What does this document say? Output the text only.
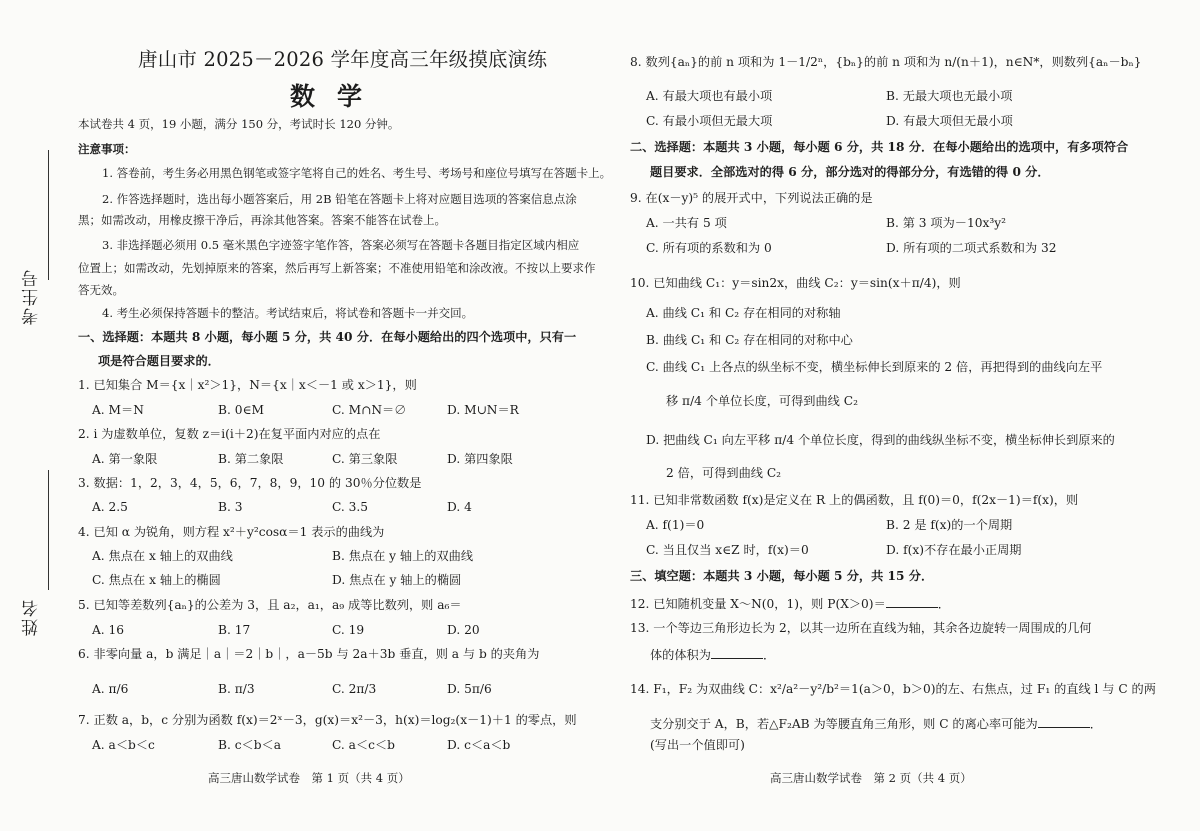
考生号
姓名
唐山市 2025－2026 学年度高三年级摸底演练
数学
本试卷共 4 页，19 小题，满分 150 分，考试时长 120 分钟。
注意事项：
1. 答卷前，考生务必用黑色钢笔或签字笔将自己的姓名、考生号、考场号和座位号填写在答题卡上。
2. 作答选择题时，选出每小题答案后，用 2B 铅笔在答题卡上将对应题目选项的答案信息点涂
黑；如需改动，用橡皮擦干净后，再涂其他答案。答案不能答在试卷上。
3. 非选择题必须用 0.5 毫米黑色字迹签字笔作答，答案必须写在答题卡各题目指定区域内相应
位置上；如需改动，先划掉原来的答案，然后再写上新答案；不准使用铅笔和涂改液。不按以上要求作
答无效。
4. 考生必须保持答题卡的整洁。考试结束后，将试卷和答题卡一并交回。
一、选择题：本题共 8 小题，每小题 5 分，共 40 分．在每小题给出的四个选项中，只有一
项是符合题目要求的．
1. 已知集合 M＝{x｜x²＞1}，N＝{x｜x＜－1 或 x＞1}，则
A. M＝N	B. 0∈M	C. M∩N＝∅	D. M∪N＝R
2. i 为虚数单位，复数 z＝i(i＋2)在复平面内对应的点在
A. 第一象限	B. 第二象限	C. 第三象限	D. 第四象限
3. 数据：1，2，3，4，5，6，7，8，9，10 的 30％分位数是
A. 2.5	B. 3	C. 3.5	D. 4
4. 已知 α 为锐角，则方程 x²＋y²cosα＝1 表示的曲线为
A. 焦点在 x 轴上的双曲线	B. 焦点在 y 轴上的双曲线
C. 焦点在 x 轴上的椭圆	D. 焦点在 y 轴上的椭圆
5. 已知等差数列{aₙ}的公差为 3，且 a₂，a₁，a₉ 成等比数列，则 a₆＝
A. 16	B. 17	C. 19	D. 20
6. 非零向量 a，b 满足｜a｜＝2｜b｜，a－5b 与 2a＋3b 垂直，则 a 与 b 的夹角为
A. π/6	B. π/3	C. 2π/3	D. 5π/6
7. 正数 a，b，c 分别为函数 f(x)＝2ˣ－3，g(x)＝x²－3，h(x)＝log₂(x－1)＋1 的零点，则
A. a＜b＜c	B. c＜b＜a	C. a＜c＜b	D. c＜a＜b
高三唐山数学试卷　第 1 页（共 4 页）
8. 数列{aₙ}的前 n 项和为 1－1/2ⁿ，{bₙ}的前 n 项和为 n/(n＋1)，n∈N*，则数列{aₙ－bₙ}
A. 有最大项也有最小项	B. 无最大项也无最小项
C. 有最小项但无最大项	D. 有最大项但无最小项
二、选择题：本题共 3 小题，每小题 6 分，共 18 分．在每小题给出的选项中，有多项符合
题目要求．全部选对的得 6 分，部分选对的得部分分，有选错的得 0 分．
9. 在(x－y)⁵ 的展开式中，下列说法正确的是
A. 一共有 5 项	B. 第 3 项为－10x³y²
C. 所有项的系数和为 0	D. 所有项的二项式系数和为 32
10. 已知曲线 C₁：y＝sin2x，曲线 C₂：y＝sin(x＋π/4)，则
A. 曲线 C₁ 和 C₂ 存在相同的对称轴
B. 曲线 C₁ 和 C₂ 存在相同的对称中心
C. 曲线 C₁ 上各点的纵坐标不变，横坐标伸长到原来的 2 倍，再把得到的曲线向左平
移 π/4 个单位长度，可得到曲线 C₂
D. 把曲线 C₁ 向左平移 π/4 个单位长度，得到的曲线纵坐标不变，横坐标伸长到原来的
2 倍，可得到曲线 C₂
11. 已知非常数函数 f(x)是定义在 R 上的偶函数，且 f(0)＝0，f(2x－1)＝f(x)，则
A. f(1)＝0	B. 2 是 f(x)的一个周期
C. 当且仅当 x∈Z 时，f(x)＝0	D. f(x)不存在最小正周期
三、填空题：本题共 3 小题，每小题 5 分，共 15 分．
12. 已知随机变量 X～N(0，1)，则 P(X＞0)＝	．
13. 一个等边三角形边长为 2，以其一边所在直线为轴，其余各边旋转一周围成的几何
体的体积为	．
14. F₁，F₂ 为双曲线 C：x²/a²－y²/b²＝1(a＞0，b＞0)的左、右焦点，过 F₁ 的直线 l 与 C 的两
支分别交于 A，B，若△F₂AB 为等腰直角三角形，则 C 的离心率可能为	．
(写出一个值即可)
高三唐山数学试卷　第 2 页（共 4 页）
